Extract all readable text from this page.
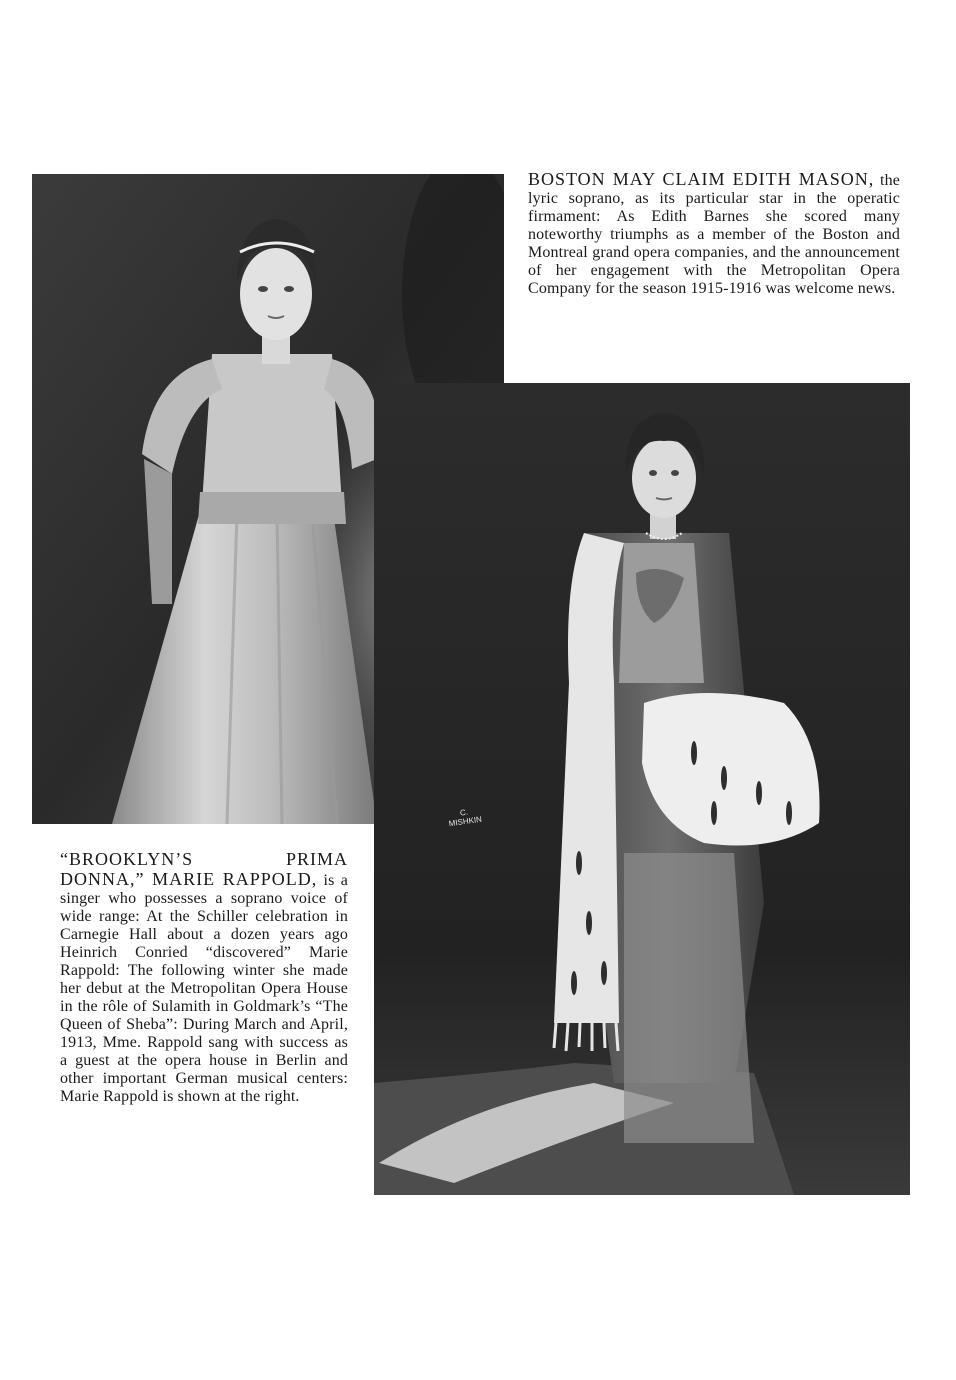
C.
MISHKIN

BOSTON MAY CLAIM EDITH MASON, the lyric soprano, as its particular star in the operatic firmament: As Edith Barnes she scored many noteworthy triumphs as a member of the Boston and Montreal grand opera companies, and the announcement of her engagement with the Metropolitan Opera Company for the season 1915-1916 was welcome news.

“BROOKLYN’S PRIMA DONNA,” MARIE RAPPOLD, is a singer who possesses a soprano voice of wide range: At the Schiller celebration in Carnegie Hall about a dozen years ago Heinrich Conried “discovered” Marie Rappold: The following winter she made her debut at the Metropolitan Opera House in the rôle of Sulamith in Goldmark’s “The Queen of Sheba”: During March and April, 1913, Mme. Rappold sang with success as a guest at the opera house in Berlin and other important German musical centers: Marie Rappold is shown at the right.
